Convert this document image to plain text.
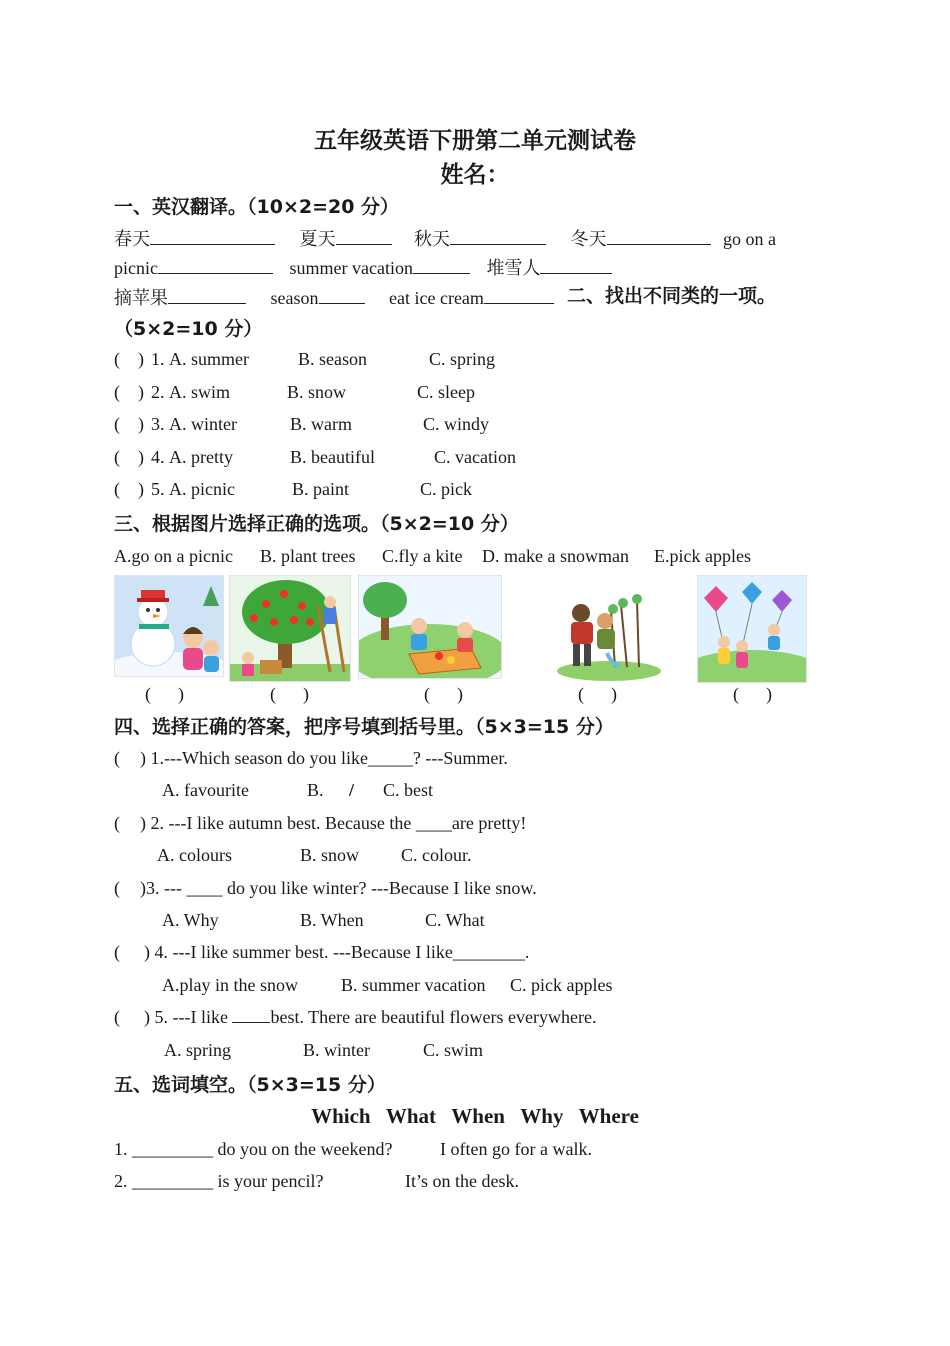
五年级英语下册第二单元测试卷
姓名：
一、英汉翻译。（10×2=20 分）
春天	夏天	秋天	冬天	go on a
picnic	summer vacation	堆雪人
摘苹果	season	eat ice cream	二、找出不同类的一项。
（5×2=10 分）
(    ) 1. A. summer	B. season	C. spring
(    ) 2. A. swim	B. snow	C. sleep
(    ) 3. A. winter	B. warm	C. windy
(    ) 4. A. pretty	B. beautiful	C. vacation
(    ) 5. A. picnic	B. paint	C. pick
三、根据图片选择正确的选项。（5×2=10 分）
A.go on a picnic B. plant trees C.fly a kite D. make a snowman E.pick apples
(      )	(      )	(      )	(      )	(      )
四、选择正确的答案，把序号填到括号里。（5×3=15 分）
( ) 1.---Which season do you like_____? ---Summer.
A. favourite	B. / C. best
( ) 2. ---I like autumn best. Because the ____are pretty!
A. colours	B. snow C. colour.
( )3. --- ____ do you like winter? ---Because I like snow.
A. Why	B. When	C. What
( ) 4. ---I like summer best. ---Because I like________.
A.play in the snow B. summer vacation C. pick apples
( ) 5. ---I like best. There are beautiful flowers everywhere.
A. spring	B. winter	C. swim
五、选词填空。（5×3=15 分）
Which What When Why Where
1. _________ do you on the weekend?	I often go for a walk.
2. _________ is your pencil?	It’s on the desk.
